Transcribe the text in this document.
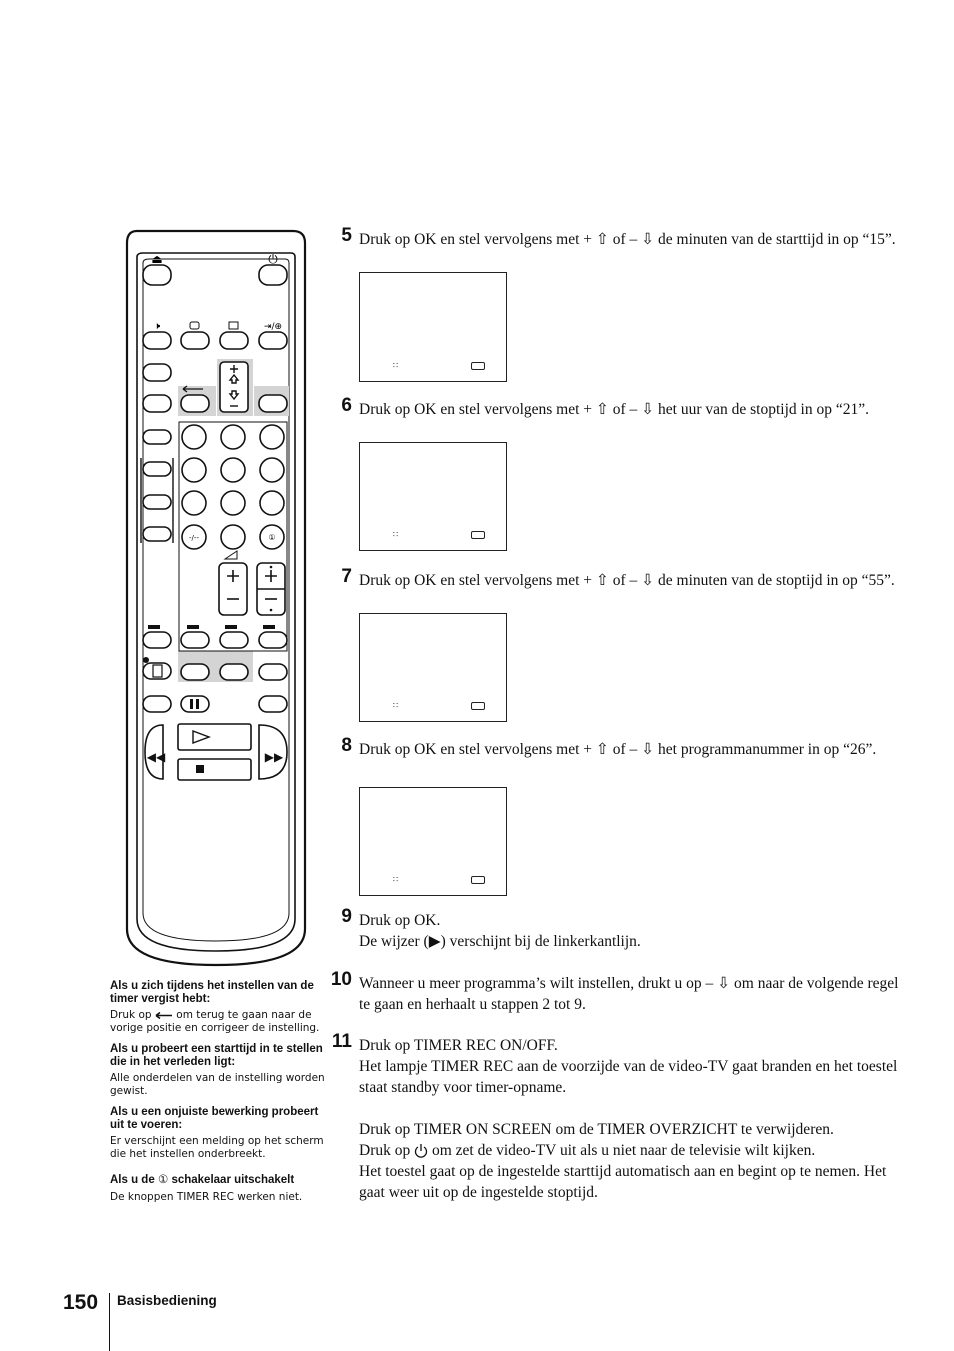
-/--	①
◀◀	▶▶
⏏	⏻
🕨	⇥/⊕
5 Druk op OK en stel vervolgens met + ⇧ of – ⇩ de minuten van de starttijd in op “15”.
∷
6 Druk op OK en stel vervolgens met + ⇧ of – ⇩ het uur van de stoptijd in op “21”.
∷
7 Druk op OK en stel vervolgens met + ⇧ of – ⇩ de minuten van de stoptijd in op “55”.
∷
8 Druk op OK en stel vervolgens met + ⇧ of – ⇩ het programmanummer in op “26”.
∷
9 Druk op OK.

De wijzer (▶) verschijnt bij de linkerkantlijn.

10 Wanneer u meer programma’s wilt instellen, drukt u op – ⇩ om naar de volgende regel te gaan en herhaalt u stappen 2 tot 9.
11 Druk op TIMER REC ON/OFF.

Het lampje TIMER REC aan de voorzijde van de video-TV gaat branden en het toestel staat standby voor timer-opname.

Druk op TIMER ON SCREEN om de TIMER OVERZICHT te verwijderen.

Druk op om zet de video-TV uit als u niet naar de televisie wilt kijken.

Het toestel gaat op de ingestelde starttijd automatisch aan en begint op te nemen. Het gaat weer uit op de ingestelde stoptijd.

Als u zich tijdens het instellen van de timer vergist hebt:

Druk op om terug te gaan naar de vorige positie en corrigeer de instelling.

Als u probeert een starttijd in te stellen die in het verleden ligt:

Alle onderdelen van de instelling worden gewist.

Als u een onjuiste bewerking probeert uit te voeren:

Er verschijnt een melding op het scherm die het instellen onderbreekt.

Als u de ① schakelaar uitschakelt

De knoppen TIMER REC werken niet.

150 Basisbediening
